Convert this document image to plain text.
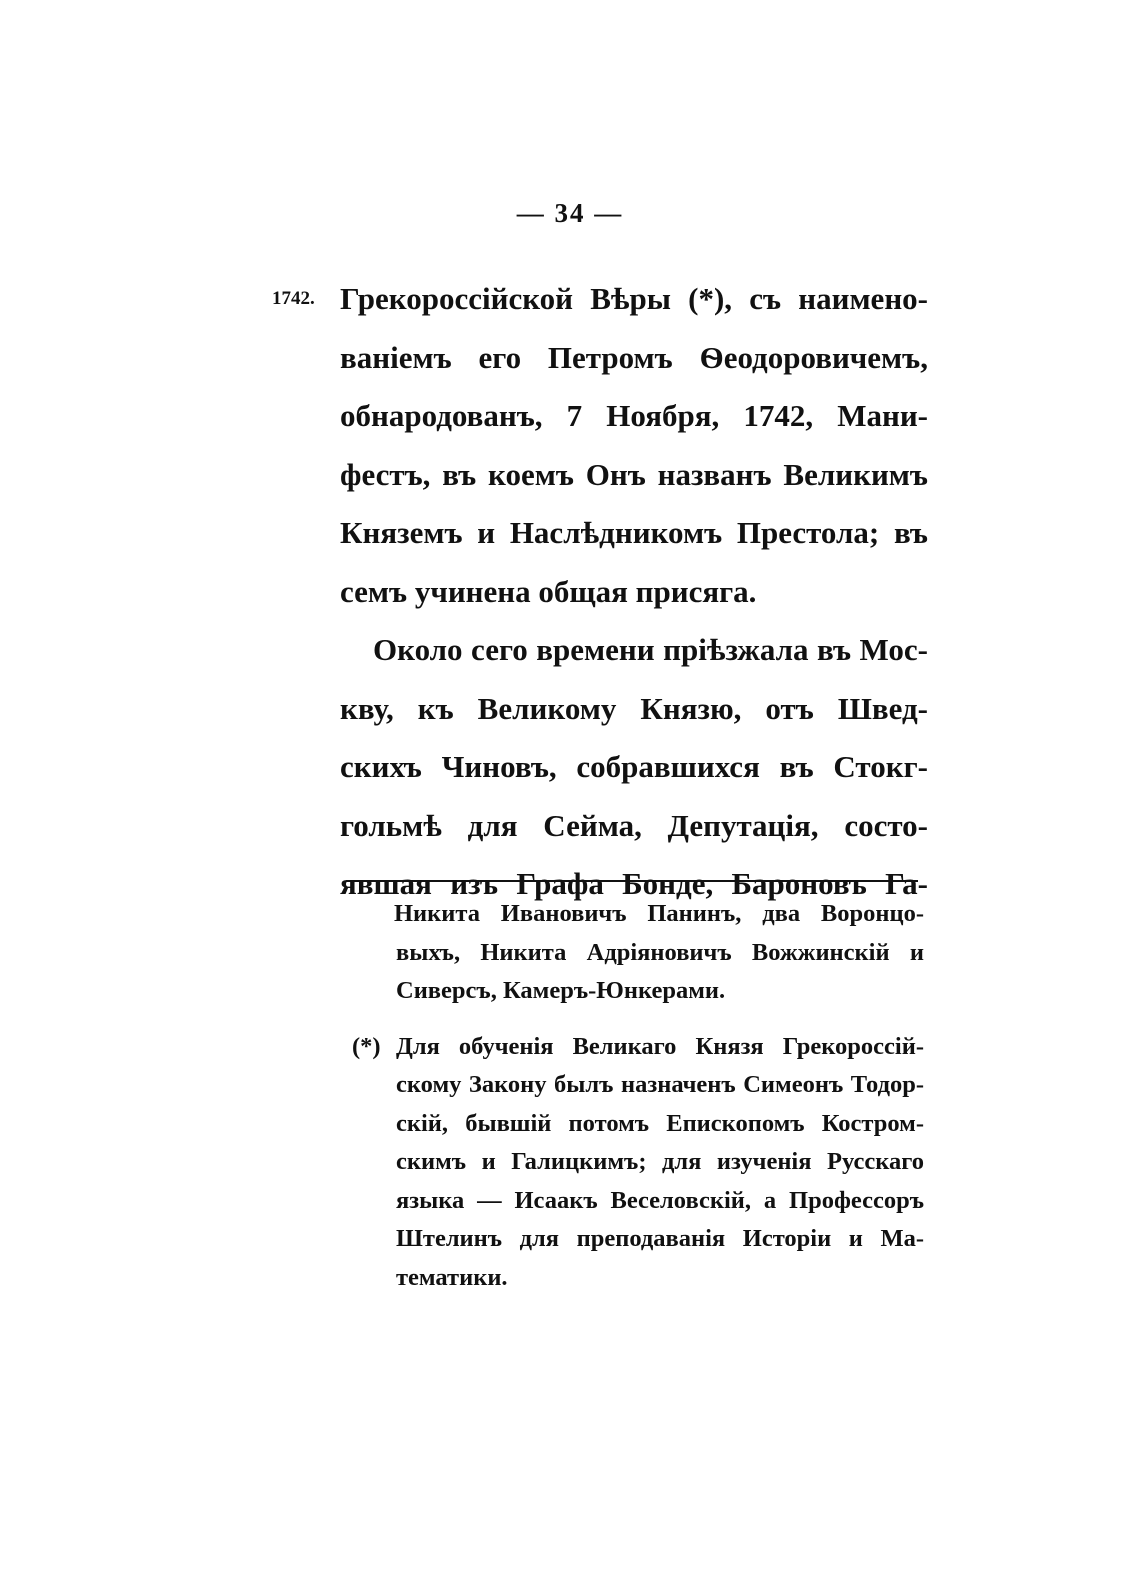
— 34 —
1742. Грекороссійской Вѣры (*), съ наимено-
ваніемъ его Петромъ Ѳеодоровичемъ,
обнародованъ, 7 Ноября, 1742, Мани-
фестъ, въ коемъ Онъ названъ Великимъ
Княземъ и Наслѣдникомъ Престола; въ
семъ учинена общая присяга.
Около сего времени пріѣзжала въ Мос-
кву, къ Великому Князю, отъ Швед-
скихъ Чиновъ, собравшихся въ Стокг-
гольмѣ для Сейма, Депутація, состо-
явшая изъ Графа Бонде, Бароновъ Га-
Никита Ивановичъ Панинъ, два Воронцо-
выхъ, Никита Адріяновичъ Вожжинскій и
Сиверсъ, Камеръ-Юнкерами.
(*) Для обученія Великаго Князя Грекороссій-
скому Закону былъ назначенъ Симеонъ Тодор-
скій, бывшій потомъ Епископомъ Костром-
скимъ и Галицкимъ; для изученія Русскаго
языка — Исаакъ Веселовскій, а Профессоръ
Штелинъ для преподаванія Исторіи и Ма-
тематики.
